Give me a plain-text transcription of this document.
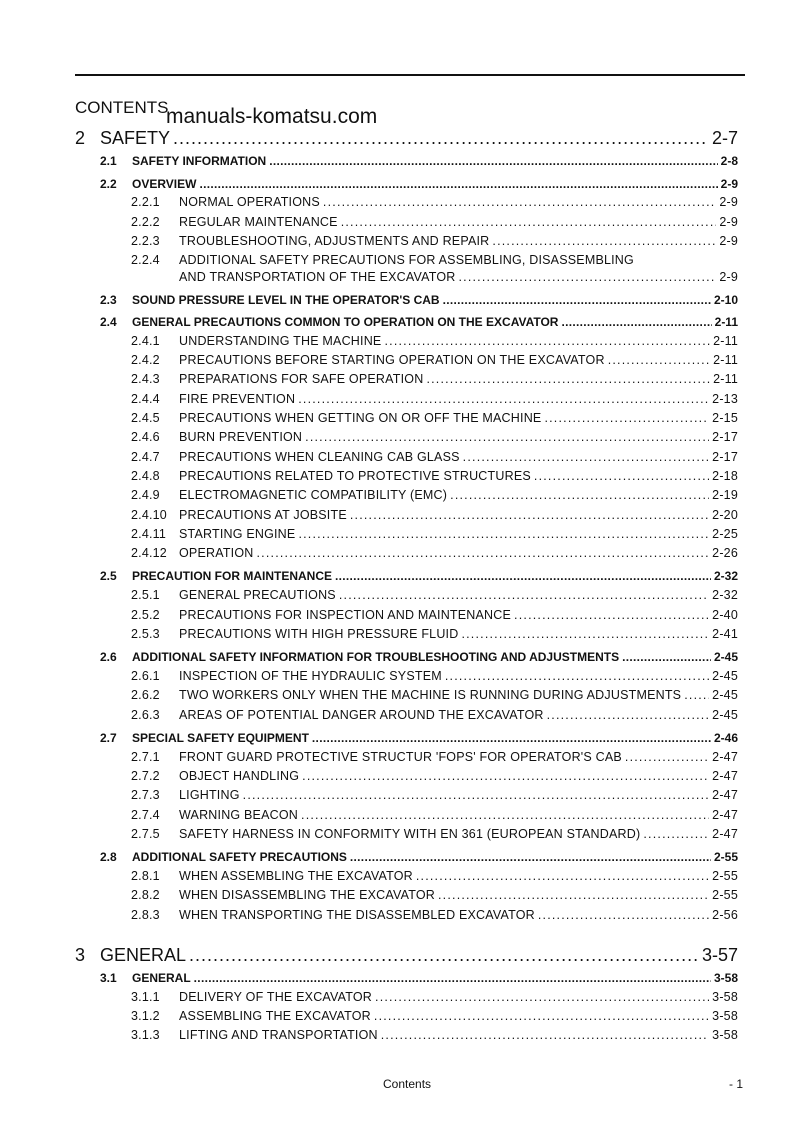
CONTENTS
manuals-komatsu.com
2 SAFETY .....	2-7
2.1	SAFETY INFORMATION .....	2-8
2.2	OVERVIEW .....	2-9
2.2.1	NORMAL OPERATIONS .....	2-9
2.2.2	REGULAR MAINTENANCE .....	2-9
2.2.3	TROUBLESHOOTING, ADJUSTMENTS AND REPAIR .....	2-9
2.2.4	ADDITIONAL SAFETY PRECAUTIONS FOR ASSEMBLING, DISASSEMBLING
AND TRANSPORTATION OF THE EXCAVATOR .....	2-9
2.3	SOUND PRESSURE LEVEL IN THE OPERATOR'S CAB .....	2-10
2.4	GENERAL PRECAUTIONS COMMON TO OPERATION ON THE EXCAVATOR .....	2-11
2.4.1	UNDERSTANDING THE MACHINE .....	2-11
2.4.2	PRECAUTIONS BEFORE STARTING OPERATION ON THE EXCAVATOR .....	2-11
2.4.3	PREPARATIONS FOR SAFE OPERATION .....	2-11
2.4.4	FIRE PREVENTION .....	2-13
2.4.5	PRECAUTIONS WHEN GETTING ON OR OFF THE MACHINE .....	2-15
2.4.6	BURN PREVENTION .....	2-17
2.4.7	PRECAUTIONS WHEN CLEANING CAB GLASS .....	2-17
2.4.8	PRECAUTIONS RELATED TO PROTECTIVE STRUCTURES .....	2-18
2.4.9	ELECTROMAGNETIC COMPATIBILITY (EMC) .....	2-19
2.4.10 PRECAUTIONS AT JOBSITE .....	2-20
2.4.11	STARTING ENGINE .....	2-25
2.4.12 OPERATION .....	2-26
2.5	PRECAUTION FOR MAINTENANCE .....	2-32
2.5.1	GENERAL PRECAUTIONS .....	2-32
2.5.2	PRECAUTIONS FOR INSPECTION AND MAINTENANCE .....	2-40
2.5.3	PRECAUTIONS WITH HIGH PRESSURE FLUID .....	2-41
2.6	ADDITIONAL SAFETY INFORMATION FOR TROUBLESHOOTING AND ADJUSTMENTS .....	2-45
2.6.1	INSPECTION OF THE HYDRAULIC SYSTEM .....	2-45
2.6.2	TWO WORKERS ONLY WHEN THE MACHINE IS RUNNING DURING ADJUSTMENTS ..... 2-45
2.6.3	AREAS OF POTENTIAL DANGER AROUND THE EXCAVATOR .....	2-45
2.7	SPECIAL SAFETY EQUIPMENT .....	2-46
2.7.1	FRONT GUARD PROTECTIVE STRUCTUR 'FOPS' FOR OPERATOR'S CAB .....	2-47
2.7.2	OBJECT HANDLING .....	2-47
2.7.3	LIGHTING .....	2-47
2.7.4	WARNING BEACON .....	2-47
2.7.5	SAFETY HARNESS IN CONFORMITY WITH EN 361 (EUROPEAN STANDARD) .....	2-47
2.8	ADDITIONAL SAFETY PRECAUTIONS .....	2-55
2.8.1	WHEN ASSEMBLING THE EXCAVATOR .....	2-55
2.8.2	WHEN DISASSEMBLING THE EXCAVATOR .....	2-55
2.8.3	WHEN TRANSPORTING THE DISASSEMBLED EXCAVATOR .....	2-56
3 GENERAL .....	3-57
3.1	GENERAL .....	3-58
3.1.1	DELIVERY OF THE EXCAVATOR .....	3-58
3.1.2	ASSEMBLING THE EXCAVATOR .....	3-58
3.1.3	LIFTING AND TRANSPORTATION .....	3-58
Contents	- 1
